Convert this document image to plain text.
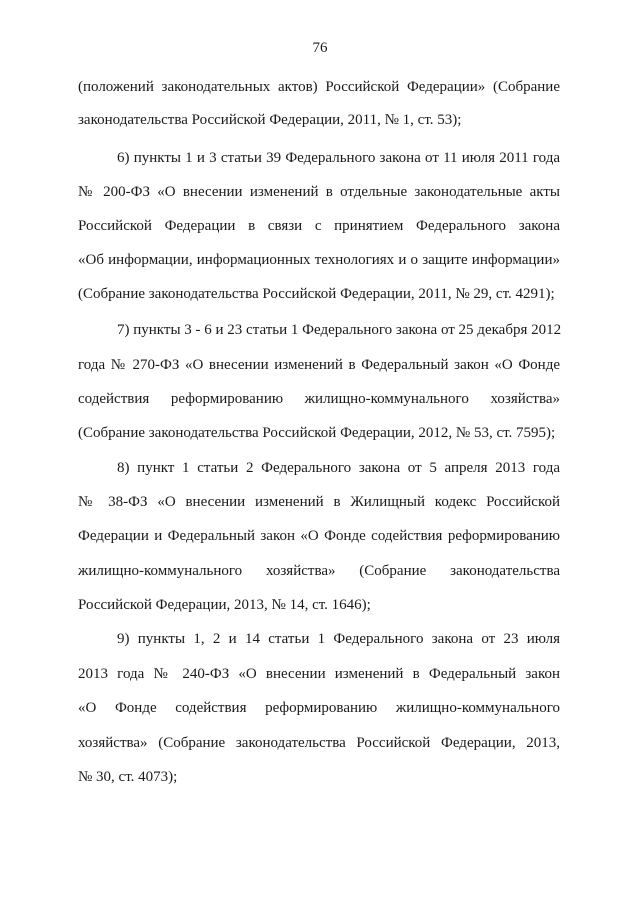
76
(положений законодательных актов) Российской Федерации» (Собрание
законодательства Российской Федерации, 2011, № 1, ст. 53);
6) пункты 1 и 3 статьи 39 Федерального закона от 11 июля 2011 года
№ 200-ФЗ «О внесении изменений в отдельные законодательные акты
Российской Федерации в связи с принятием Федерального закона
«Об информации, информационных технологиях и о защите информации»
(Собрание законодательства Российской Федерации, 2011, № 29, ст. 4291);
7) пункты 3 - 6 и 23 статьи 1 Федерального закона от 25 декабря 2012
года № 270-ФЗ «О внесении изменений в Федеральный закон «О Фонде
содействия реформированию жилищно-коммунального хозяйства»
(Собрание законодательства Российской Федерации, 2012, № 53, ст. 7595);
8) пункт 1 статьи 2 Федерального закона от 5 апреля 2013 года
№ 38-ФЗ «О внесении изменений в Жилищный кодекс Российской
Федерации и Федеральный закон «О Фонде содействия реформированию
жилищно-коммунального хозяйства» (Собрание законодательства
Российской Федерации, 2013, № 14, ст. 1646);
9) пункты 1, 2 и 14 статьи 1 Федерального закона от 23 июля
2013 года № 240-ФЗ «О внесении изменений в Федеральный закон
«О Фонде содействия реформированию жилищно-коммунального
хозяйства» (Собрание законодательства Российской Федерации, 2013,
№ 30, ст. 4073);
